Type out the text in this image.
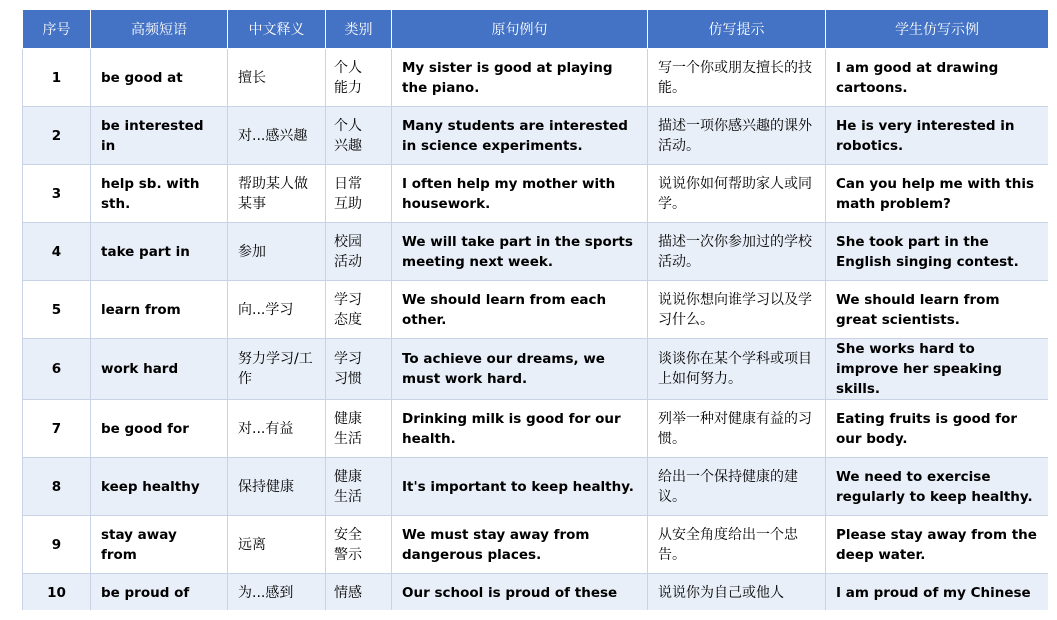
序号	高频短语	中文释义	类别	原句例句	仿写提示	学生仿写示例
1	be good at	擅长	个人能力	My sister is good at playing the piano.	写一个你或朋友擅长的技能。	I am good at drawing cartoons.
2	be interested in	对...感兴趣	个人兴趣	Many students are interested in science experiments.	描述一项你感兴趣的课外活动。	He is very interested in robotics.
3	help sb. with sth.	帮助某人做某事	日常互助	I often help my mother with housework.	说说你如何帮助家人或同学。	Can you help me with this math problem?
4	take part in	参加	校园活动	We will take part in the sports meeting next week.	描述一次你参加过的学校活动。	She took part in the English singing contest.
5	learn from	向...学习	学习态度	We should learn from each other.	说说你想向谁学习以及学习什么。	We should learn from great scientists.
6	work hard	努力学习/工作	学习习惯	To achieve our dreams, we must work hard.	谈谈你在某个学科或项目上如何努力。	She works hard to improve her speaking skills.
7	be good for	对...有益	健康生活	Drinking milk is good for our health.	列举一种对健康有益的习惯。	Eating fruits is good for our body.
8	keep healthy	保持健康	健康生活	It's important to keep healthy.	给出一个保持健康的建议。	We need to exercise regularly to keep healthy.
9	stay away from	远离	安全警示	We must stay away from dangerous places.	从安全角度给出一个忠告。	Please stay away from the deep water.
10	be proud of	为...感到	情感	Our school is proud of these	说说你为自己或他人	I am proud of my Chinese
